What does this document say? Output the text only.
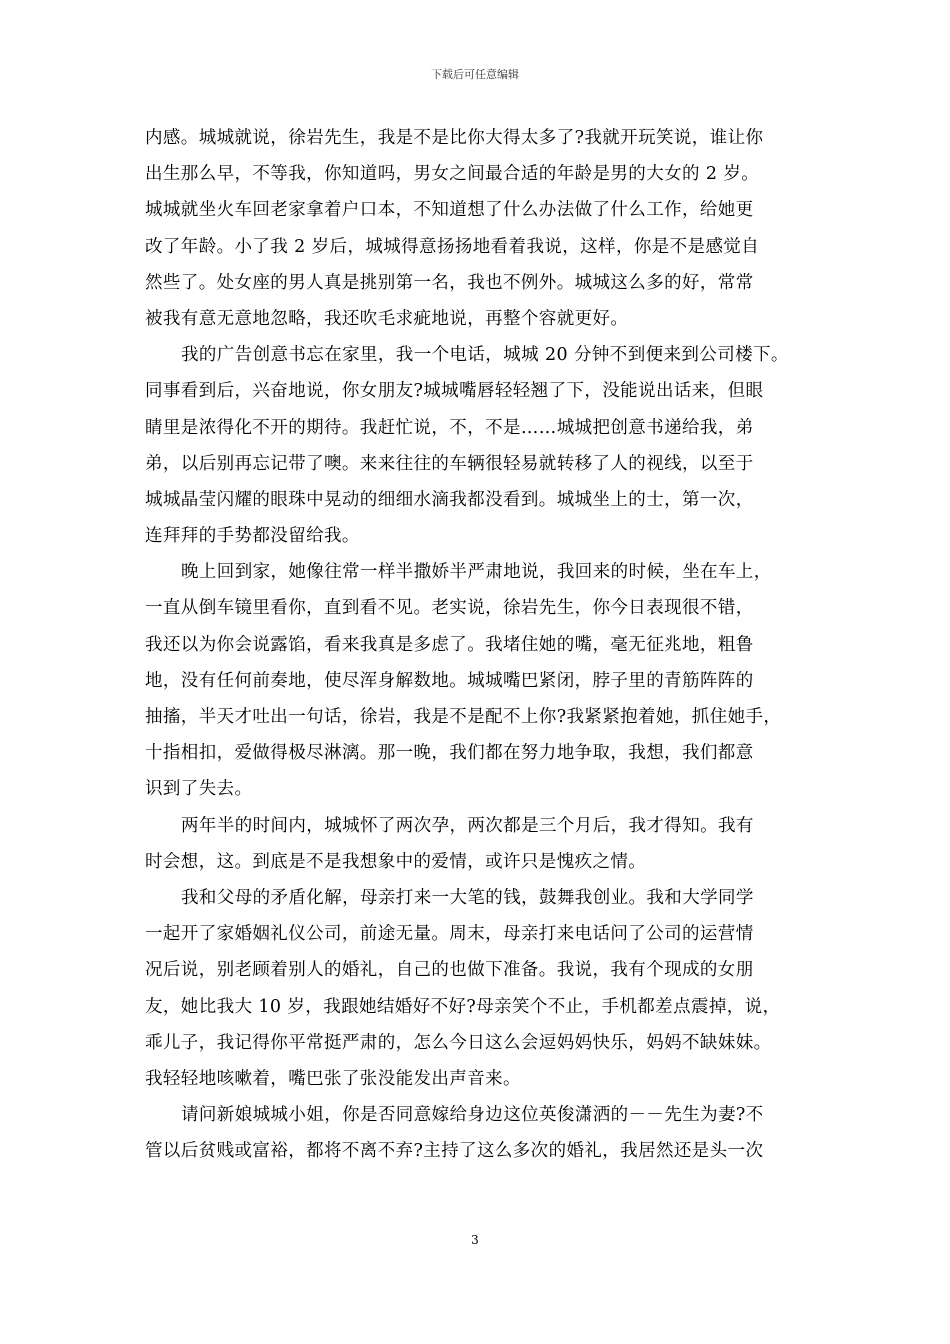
下载后可任意编辑
内感。城城就说，徐岩先生，我是不是比你大得太多了?我就开玩笑说，谁让你
出生那么早，不等我，你知道吗，男女之间最合适的年龄是男的大女的 2 岁。
城城就坐火车回老家拿着户口本，不知道想了什么办法做了什么工作，给她更
改了年龄。小了我 2 岁后，城城得意扬扬地看着我说，这样，你是不是感觉自
然些了。处女座的男人真是挑别第一名，我也不例外。城城这么多的好，常常
被我有意无意地忽略，我还吹毛求疵地说，再整个容就更好。
我的广告创意书忘在家里，我一个电话，城城 20 分钟不到便来到公司楼下。
同事看到后，兴奋地说，你女朋友?城城嘴唇轻轻翘了下，没能说出话来，但眼
睛里是浓得化不开的期待。我赶忙说，不，不是……城城把创意书递给我，弟
弟，以后别再忘记带了噢。来来往往的车辆很轻易就转移了人的视线，以至于
城城晶莹闪耀的眼珠中晃动的细细水滴我都没看到。城城坐上的士，第一次，
连拜拜的手势都没留给我。
晚上回到家，她像往常一样半撒娇半严肃地说，我回来的时候，坐在车上，
一直从倒车镜里看你，直到看不见。老实说，徐岩先生，你今日表现很不错，
我还以为你会说露馅，看来我真是多虑了。我堵住她的嘴，毫无征兆地，粗鲁
地，没有任何前奏地，使尽浑身解数地。城城嘴巴紧闭，脖子里的青筋阵阵的
抽搐，半天才吐出一句话，徐岩，我是不是配不上你?我紧紧抱着她，抓住她手，
十指相扣，爱做得极尽淋漓。那一晚，我们都在努力地争取，我想，我们都意
识到了失去。
两年半的时间内，城城怀了两次孕，两次都是三个月后，我才得知。我有
时会想，这。到底是不是我想象中的爱情，或许只是愧疚之情。
我和父母的矛盾化解，母亲打来一大笔的钱，鼓舞我创业。我和大学同学
一起开了家婚姻礼仪公司，前途无量。周末，母亲打来电话问了公司的运营情
况后说，别老顾着别人的婚礼，自己的也做下准备。我说，我有个现成的女朋
友，她比我大 10 岁，我跟她结婚好不好?母亲笑个不止，手机都差点震掉，说，
乖儿子，我记得你平常挺严肃的，怎么今日这么会逗妈妈快乐，妈妈不缺妹妹。
我轻轻地咳嗽着，嘴巴张了张没能发出声音来。
请问新娘城城小姐，你是否同意嫁给身边这位英俊潇洒的－－先生为妻?不
管以后贫贱或富裕，都将不离不弃?主持了这么多次的婚礼，我居然还是头一次
3
